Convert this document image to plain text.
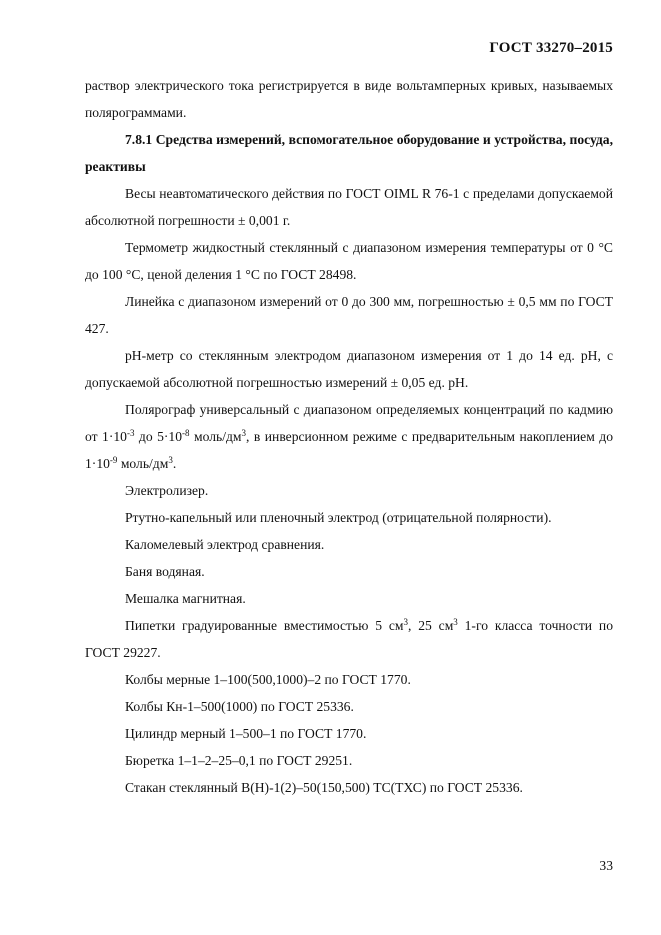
ГОСТ 33270–2015

раствор электрического тока регистрируется в виде вольтамперных кривых, называемых полярограммами.

7.8.1 Средства измерений, вспомогательное оборудование и устройства, посуда, реактивы

Весы неавтоматического действия по ГОСТ OIML R 76-1 с пределами допускаемой абсолютной погрешности ± 0,001 г.

Термометр жидкостный стеклянный с диапазоном измерения температуры от 0 °С до 100 °С, ценой деления 1 °С по ГОСТ 28498.

Линейка с диапазоном измерений от 0 до 300 мм, погрешностью ± 0,5 мм по ГОСТ 427.

рН-метр со стеклянным электродом диапазоном измерения от 1 до 14 ед. рН, с допускаемой абсолютной погрешностью измерений ± 0,05 ед. рН.

Полярограф универсальный с диапазоном определяемых концентраций по кадмию от $1\cdot 10^{-3}$ до $5\cdot 10^{-8}$ моль/$дм^3$, в инверсионном режиме с предварительным накоплением до $1\cdot 10^{-9}$ моль/$дм^3$.

Электролизер.

Ртутно-капельный или пленочный электрод (отрицательной полярности).

Каломелевый электрод сравнения.

Баня водяная.

Мешалка магнитная.

Пипетки градуированные вместимостью 5 $см^3$, 25 $см^3$ 1-го класса точности по ГОСТ 29227.

Колбы мерные 1–100(500,1000)–2 по ГОСТ 1770.

Колбы Кн-1–500(1000) по ГОСТ 25336.

Цилиндр мерный 1–500–1 по ГОСТ 1770.

Бюретка 1–1–2–25–0,1 по ГОСТ 29251.

Стакан стеклянный В(Н)-1(2)–50(150,500) ТС(ТХС) по ГОСТ 25336.

33
